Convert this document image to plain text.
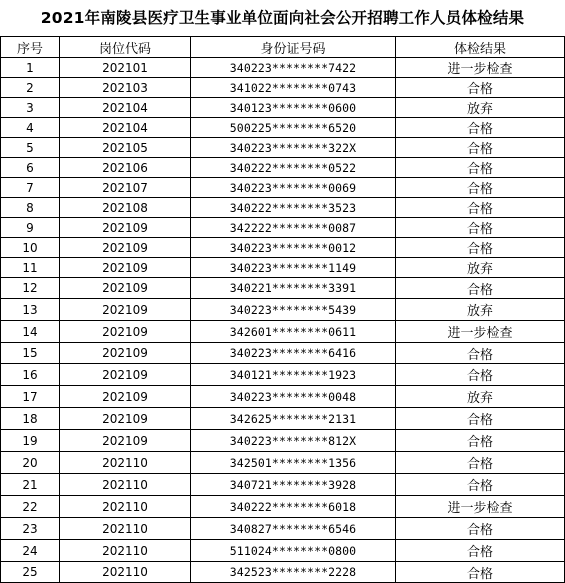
2021年南陵县医疗卫生事业单位面向社会公开招聘工作人员体检结果
序号	岗位代码	身份证号码	体检结果
1	202101	340223********7422	进一步检查
2	202103	341022********0743	合格
3	202104	340123********0600	放弃
4	202104	500225********6520	合格
5	202105	340223********322X	合格
6	202106	340222********0522	合格
7	202107	340223********0069	合格
8	202108	340222********3523	合格
9	202109	342222********0087	合格
10	202109	340223********0012	合格
11	202109	340223********1149	放弃
12	202109	340221********3391	合格
13	202109	340223********5439	放弃
14	202109	342601********0611	进一步检查
15	202109	340223********6416	合格
16	202109	340121********1923	合格
17	202109	340223********0048	放弃
18	202109	342625********2131	合格
19	202109	340223********812X	合格
20	202110	342501********1356	合格
21	202110	340721********3928	合格
22	202110	340222********6018	进一步检查
23	202110	340827********6546	合格
24	202110	511024********0800	合格
25	202110	342523********2228	合格
